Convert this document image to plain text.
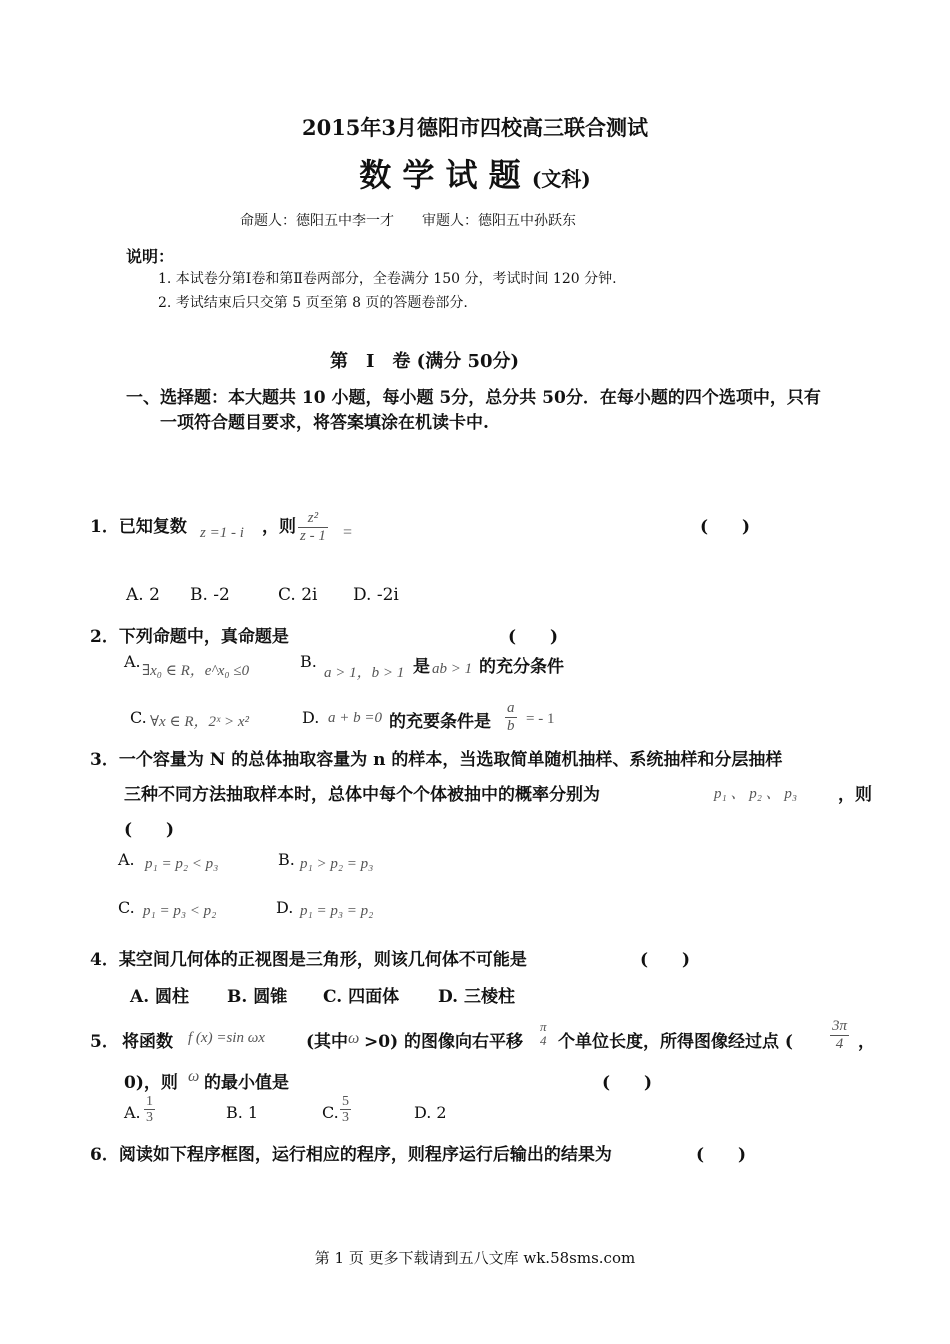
2015年3月德阳市四校高三联合测试
数 学 试 题 (文科)
命题人：德阳五中李一才　　审题人：德阳五中孙跃东
说明：
1. 本试卷分第Ⅰ卷和第Ⅱ卷两部分，全卷满分 150 分，考试时间 120 分钟.
2. 考试结束后只交第 5 页至第 8 页的答题卷部分.
第　Ⅰ　卷 (满分 50分)
一、选择题：本大题共 10 小题，每小题 5分，总分共 50分．在每小题的四个选项中，只有
一项符合题目要求，将答案填涂在机读卡中.
1．已知复数 z =1 - i ，则 $\frac{\text{z²}}{z - 1}$ =	(　　)
A. 2 B. -2	C. 2i D. -2i
2．下列命题中，真命题是	(　　)
A. ∃x₀ ∈ R，e^x₀ ≤0	B.
a > 1，b > 1 是 ab > 1 的充分条件
C. ∀x ∈ R，2ˣ > x²	D. a + b =0 的充要条件是 $\frac{a}{b}$ = - 1
3．一个容量为 N 的总体抽取容量为 n 的样本，当选取简单随机抽样、系统抽样和分层抽样
三种不同方法抽取样本时，总体中每个个体被抽中的概率分别为	p₁ 、 p₂ 、 p₃ ，则
(　　)
A. p₁ = p₂ < p₃	B. p₁ > p₂ = p₃
C. p₁ = p₃ < p₂	D. p₁ = p₃ = p₂
4．某空间几何体的正视图是三角形，则该几何体不可能是	(　　)
A. 圆柱 B. 圆锥 C. 四面体 D. 三棱柱
5． 将函数 f (x) =sin ωx (其中 ω >0) 的图像向右平移
π
4 个单位长度，所得图像经过点 ( $\frac{3\pi}{4}$ ，
0)，则 ω 的最小值是	(　　)
A. $\frac{1}{3}$	B. 1	C. $\frac{5}{3}$	D. 2
6．阅读如下程序框图，运行相应的程序，则程序运行后输出的结果为	(　　)
第 1 页 更多下载请到五八文库 wk.58sms.com
